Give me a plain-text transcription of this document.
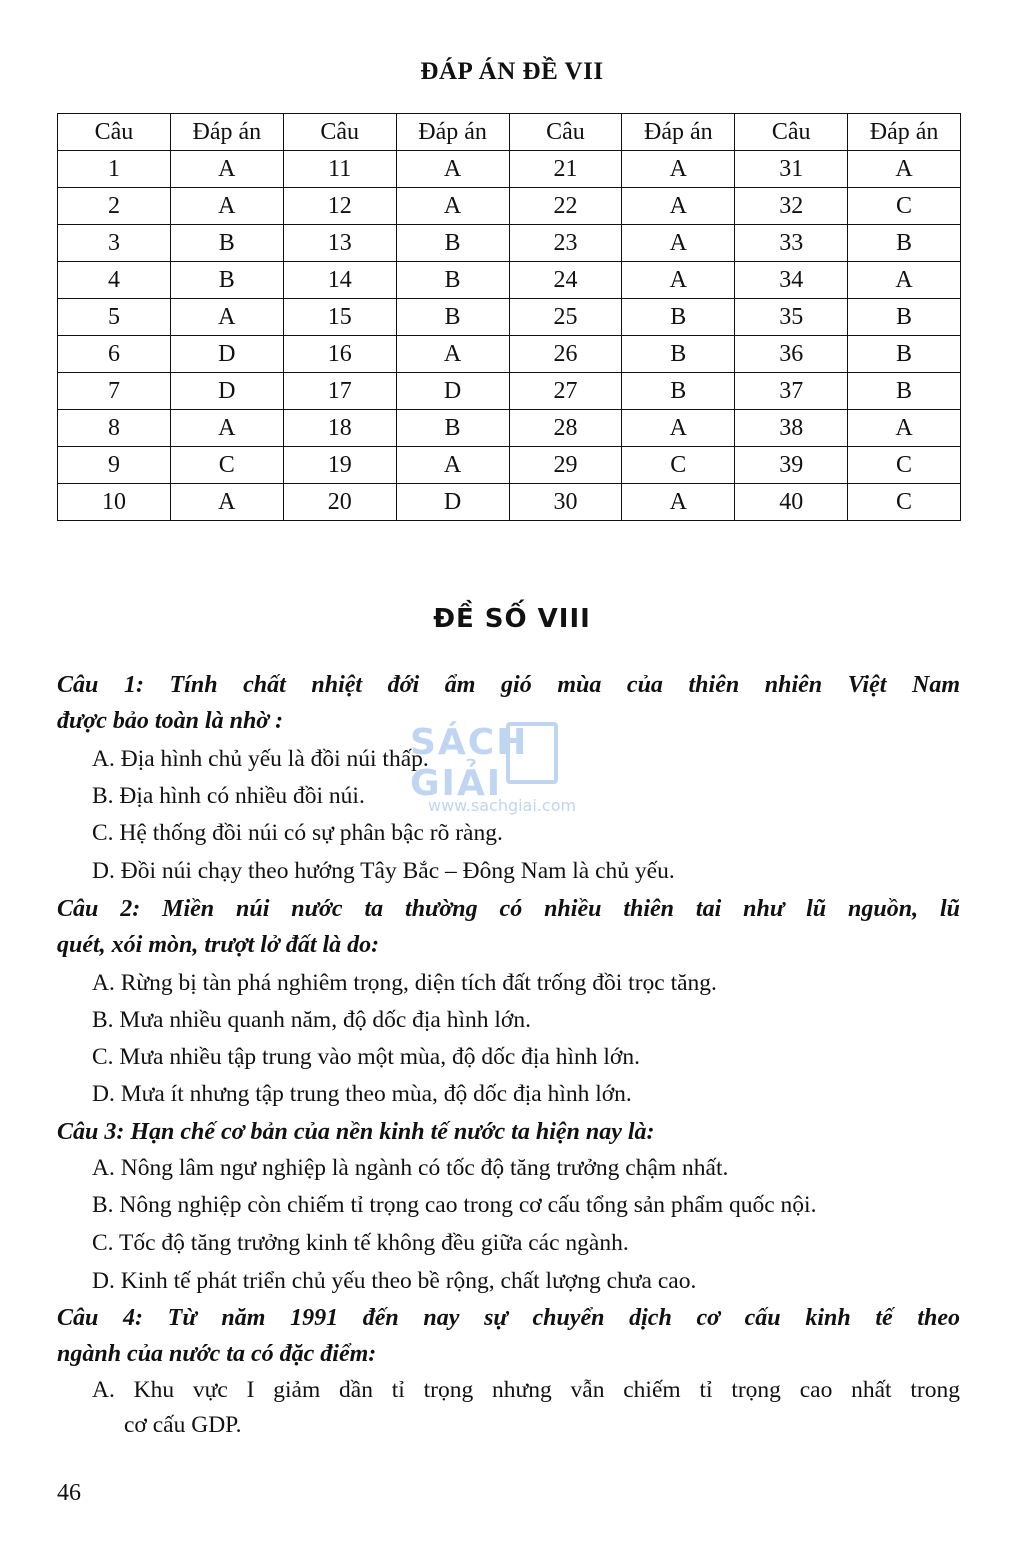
ĐÁP ÁN ĐỀ VII
Câu	Đáp án	Câu	Đáp án	Câu	Đáp án	Câu	Đáp án
1	A	11	A	21	A	31	A
2	A	12	A	22	A	32	C
3	B	13	B	23	A	33	B
4	B	14	B	24	A	34	A
5	A	15	B	25	B	35	B
6	D	16	A	26	B	36	B
7	D	17	D	27	B	37	B
8	A	18	B	28	A	38	A
9	C	19	A	29	C	39	C
10	A	20	D	30	A	40	C
ĐỀ SỐ VIII
Câu 1: Tính chất nhiệt đới ẩm gió mùa của thiên nhiên Việt Nam
được bảo toàn là nhờ :
A. Địa hình chủ yếu là đồi núi thấp.
B. Địa hình có nhiều đồi núi.
C. Hệ thống đồi núi có sự phân bậc rõ ràng.
D. Đồi núi chạy theo hướng Tây Bắc – Đông Nam là chủ yếu.
Câu 2: Miền núi nước ta thường có nhiều thiên tai như lũ nguồn, lũ
quét, xói mòn, trượt lở đất là do:
A. Rừng bị tàn phá nghiêm trọng, diện tích đất trống đồi trọc tăng.
B. Mưa nhiều quanh năm, độ dốc địa hình lớn.
C. Mưa nhiều tập trung vào một mùa, độ dốc địa hình lớn.
D. Mưa ít nhưng tập trung theo mùa, độ dốc địa hình lớn.
Câu 3: Hạn chế cơ bản của nền kinh tế nước ta hiện nay là:
A. Nông lâm ngư nghiệp là ngành có tốc độ tăng trưởng chậm nhất.
B. Nông nghiệp còn chiếm tỉ trọng cao trong cơ cấu tổng sản phẩm quốc nội.
C. Tốc độ tăng trưởng kinh tế không đều giữa các ngành.
D. Kinh tế phát triển chủ yếu theo bề rộng, chất lượng chưa cao.
Câu 4: Từ năm 1991 đến nay sự chuyển dịch cơ cấu kinh tế theo
ngành của nước ta có đặc điểm:
A. Khu vực I giảm dần tỉ trọng nhưng vẫn chiếm tỉ trọng cao nhất trong
cơ cấu GDP.
SÁCH GIẢI
www.sachgiai.com
46
